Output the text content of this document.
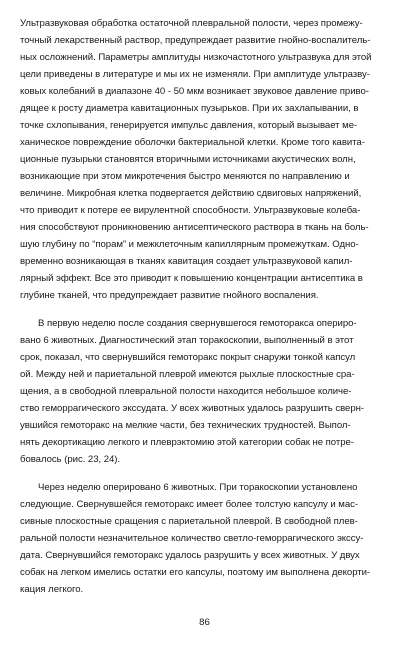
Ультразвуковая обработка остаточной плевральной полости, через промежу-
точный лекарственный раствор, предупреждает развитие гнойно-воспалитель-
ных осложнений. Параметры амплитуды низкочастотного ультразвука для этой
цели приведены в литературе и мы их не изменяли. При амплитуде ультразву-
ковых колебаний в диапазоне 40 - 50 мкм возникает звуковое давление приво-
дящее к росту диаметра кавитационных пузырьков. При их захлапывании, в
точке схлопывания, генерируется импульс давления, который вызывает ме-
ханическое повреждение оболочки бактериальной клетки. Кроме того кавита-
ционные пузырьки становятся вторичными источниками акустических волн,
возникающие при этом микротечения быстро меняются по направлению и
величине. Микробная клетка подвергается действию сдвиговых напряжений,
что приводит к потере ее вирулентной способности. Ультразвуковые колеба-
ния способствуют проникновению антисептического раствора в ткань на боль-
шую глубину по “порам” и межклеточным капиллярным промежуткам. Одно-
временно возникающая в тканях кавитация создает ультразвуковой капил-
лярный эффект. Все это приводит к повышению концентрации антисептика в
глубине тканей, что предупреждает развитие гнойного воспаления.
В первую неделю после создания свернувшегося гемоторакса опериро-
вано 6 животных. Диагностический этап торакоскопии, выполненный в этот
срок, показал, что свернувшийся гемоторакс покрыт снаружи тонкой капсул
ой. Между ней и париетальной плеврой имеются рыхлые плоскостные сра-
щения, а в свободной плевральной полости находится небольшое количе-
ство геморрагического экссудата. У всех животных удалось разрушить сверн-
увшийся гемоторакс на мелкие части, без технических трудностей. Выпол-
нять декортикацию легкого и плеврэктомию этой категории собак не потре-
бовалось (рис. 23, 24).
Через неделю оперировано 6 животных. При торакоскопии установлено
следующие. Свернувшейся гемоторакс имеет более толстую капсулу и мас-
сивные плоскостные сращения с париетальной плеврой. В свободной плев-
ральной полости незначительное количество светло-геморрагического экссу-
дата. Свернувшийся гемоторакс удалось разрушить у всех животных. У двух
собак на легком имелись остатки его капсулы, поэтому им выполнена декорти-
кация легкого.
86
